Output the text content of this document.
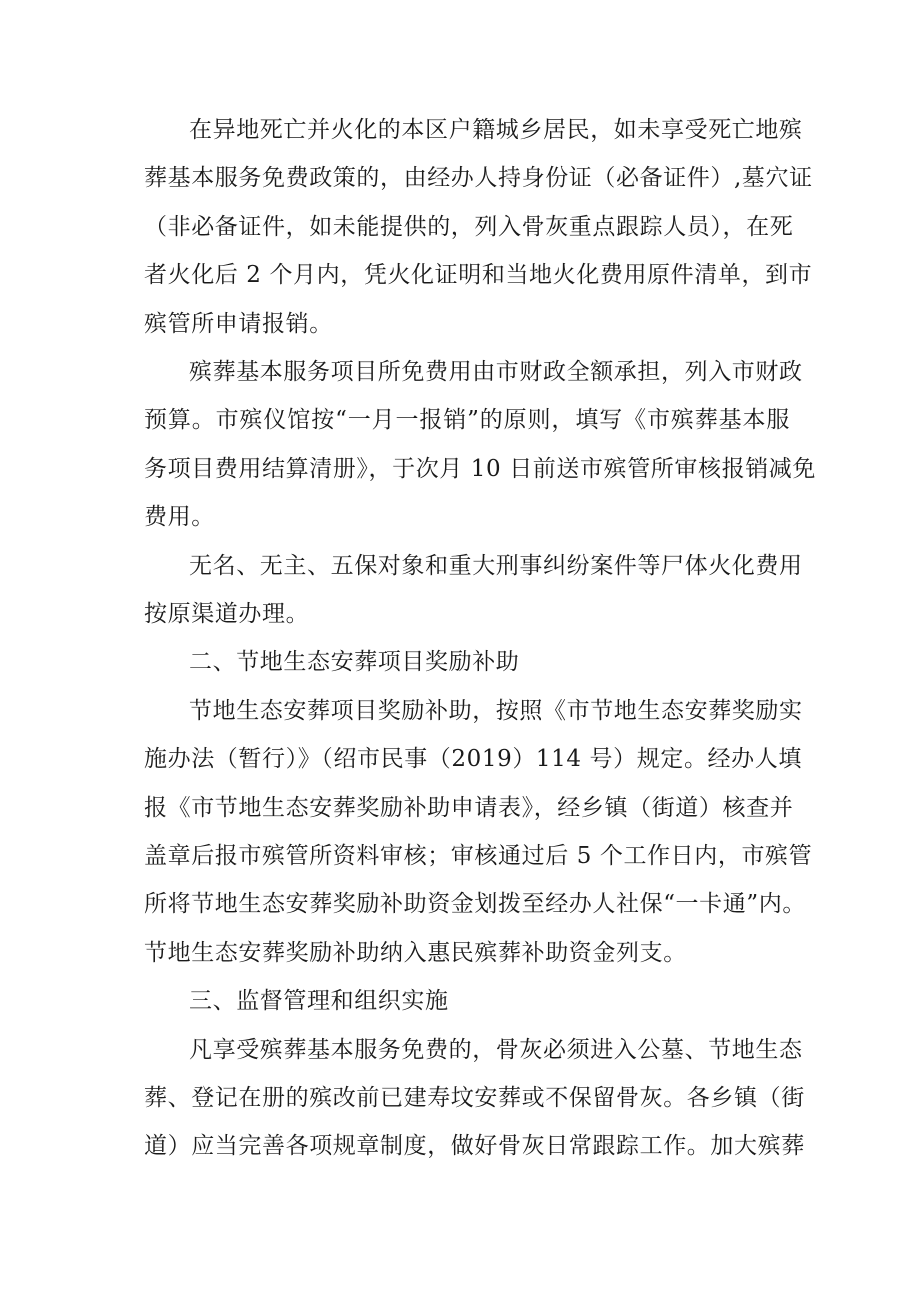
在异地死亡并火化的本区户籍城乡居民，如未享受死亡地殡

葬基本服务免费政策的，由经办人持身份证（必备证件）,墓穴证

（非必备证件，如未能提供的，列入骨灰重点跟踪人员），在死

者火化后 2 个月内，凭火化证明和当地火化费用原件清单，到市

殡管所申请报销。

殡葬基本服务项目所免费用由市财政全额承担，列入市财政

预算。市殡仪馆按“一月一报销”的原则，填写《市殡葬基本服

务项目费用结算清册》，于次月 10 日前送市殡管所审核报销减免

费用。

无名、无主、五保对象和重大刑事纠纷案件等尸体火化费用

按原渠道办理。

二、节地生态安葬项目奖励补助

节地生态安葬项目奖励补助，按照《市节地生态安葬奖励实

施办法（暂行）》（绍市民事（2019）114 号）规定。经办人填

报《市节地生态安葬奖励补助申请表》，经乡镇（街道）核查并

盖章后报市殡管所资料审核；审核通过后 5 个工作日内，市殡管

所将节地生态安葬奖励补助资金划拨至经办人社保“一卡通”内。

节地生态安葬奖励补助纳入惠民殡葬补助资金列支。

三、监督管理和组织实施

凡享受殡葬基本服务免费的，骨灰必须进入公墓、节地生态

葬、登记在册的殡改前已建寿坟安葬或不保留骨灰。各乡镇（街

道）应当完善各项规章制度，做好骨灰日常跟踪工作。加大殡葬
